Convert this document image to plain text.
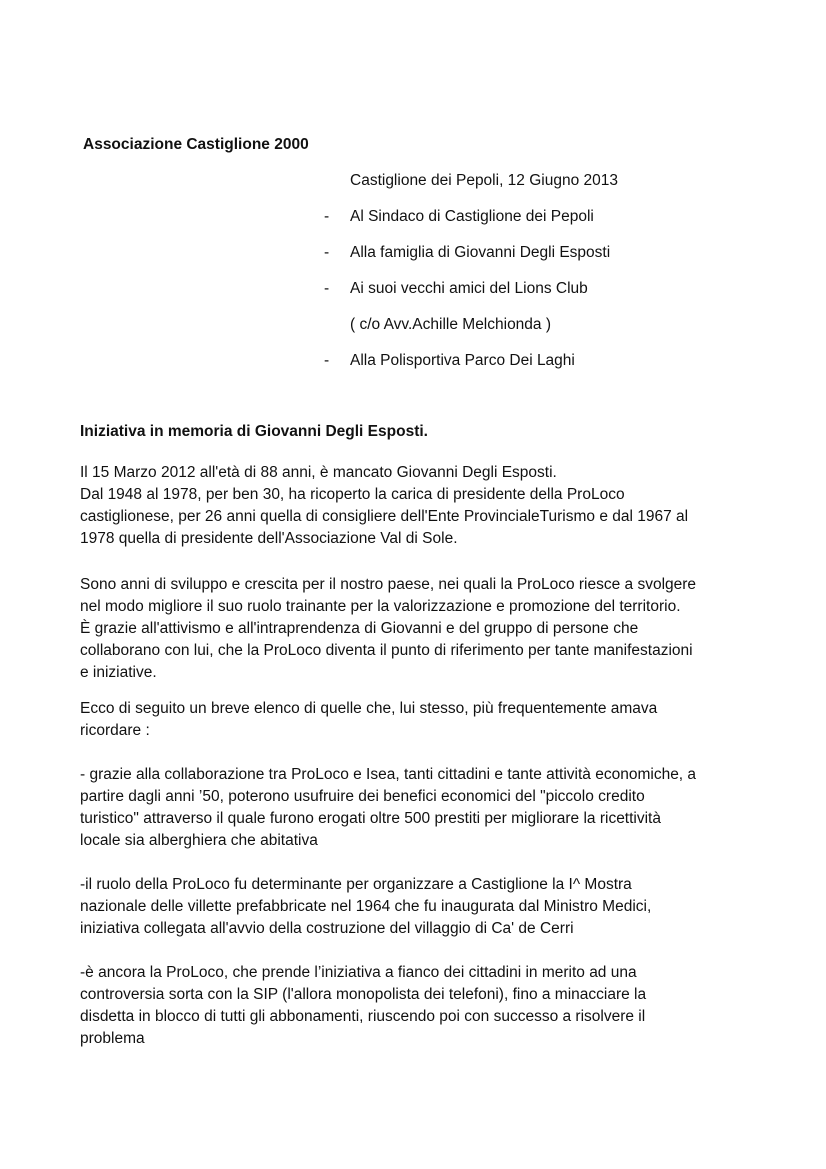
Associazione Castiglione 2000
Castiglione dei Pepoli, 12 Giugno 2013
- Al Sindaco di Castiglione dei Pepoli
- Alla famiglia di Giovanni Degli Esposti
- Ai suoi vecchi amici del Lions Club
( c/o Avv.Achille Melchionda )
- Alla Polisportiva Parco Dei Laghi
Iniziativa in memoria di Giovanni Degli Esposti.

Il 15 Marzo 2012 all'età di 88 anni, è mancato Giovanni Degli Esposti.
Dal 1948 al 1978, per ben 30, ha ricoperto la carica di presidente della ProLoco
castiglionese, per 26 anni quella di consigliere dell'Ente ProvincialeTurismo e dal 1967 al
1978 quella di presidente dell'Associazione Val di Sole.

Sono anni di sviluppo e crescita per il nostro paese, nei quali la ProLoco riesce a svolgere
nel modo migliore il suo ruolo trainante per la valorizzazione e promozione del territorio.
È grazie all'attivismo e all'intraprendenza di Giovanni e del gruppo di persone che
collaborano con lui, che la ProLoco diventa il punto di riferimento per tante manifestazioni
e iniziative.

Ecco di seguito un breve elenco di quelle che, lui stesso, più frequentemente amava
ricordare :

- grazie alla collaborazione tra ProLoco e Isea, tanti cittadini e tante attività economiche, a
partire dagli anni ’50, poterono usufruire dei benefici economici del "piccolo credito
turistico" attraverso il quale furono erogati oltre 500 prestiti per migliorare la ricettività
locale sia alberghiera che abitativa

-il ruolo della ProLoco fu determinante per organizzare a Castiglione la I^ Mostra
nazionale delle villette prefabbricate nel 1964 che fu inaugurata dal Ministro Medici,
iniziativa collegata all'avvio della costruzione del villaggio di Ca' de Cerri

-è ancora la ProLoco, che prende l’iniziativa a fianco dei cittadini in merito ad una
controversia sorta con la SIP (l'allora monopolista dei telefoni), fino a minacciare la
disdetta in blocco di tutti gli abbonamenti, riuscendo poi con successo a risolvere il
problema
